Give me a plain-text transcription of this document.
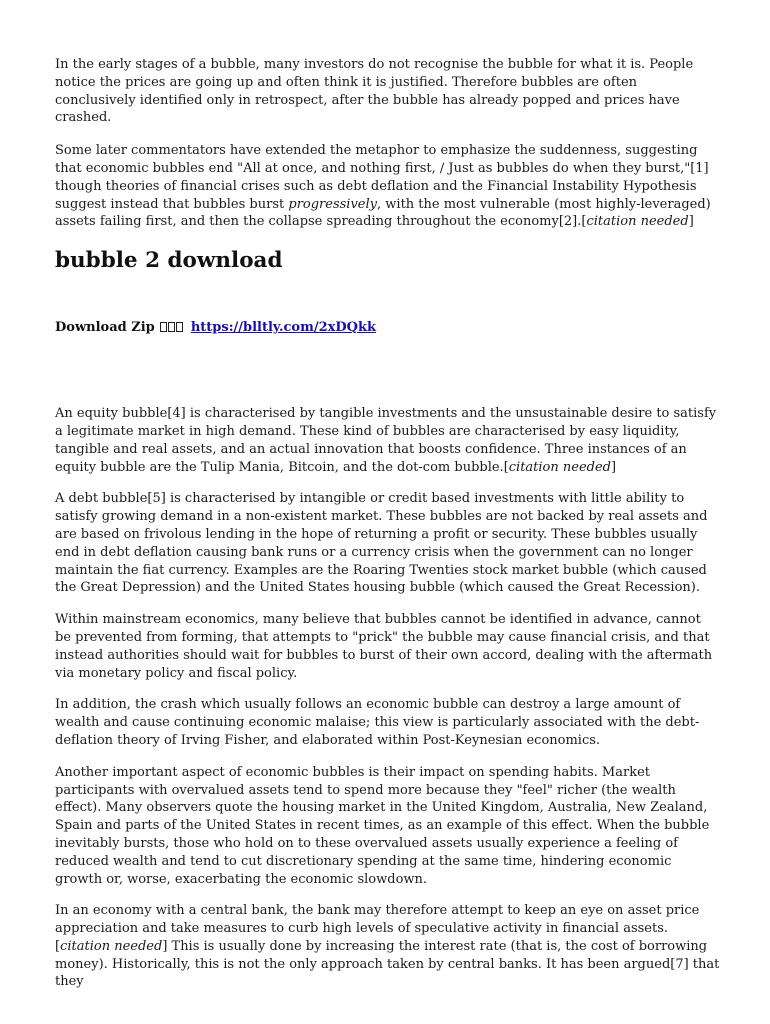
In the early stages of a bubble, many investors do not recognise the bubble for what it is. People notice the prices are going up and often think it is justified. Therefore bubbles are often conclusively identified only in retrospect, after the bubble has already popped and prices have crashed.

Some later commentators have extended the metaphor to emphasize the suddenness, suggesting that economic bubbles end "All at once, and nothing first, / Just as bubbles do when they burst,"[1] though theories of financial crises such as debt deflation and the Financial Instability Hypothesis suggest instead that bubbles burst progressively, with the most vulnerable (most highly-leveraged) assets failing first, and then the collapse spreading throughout the economy[2].[citation needed]

bubble 2 download
Download Zip	https://blltly.com/2xDQkk

An equity bubble[4] is characterised by tangible investments and the unsustainable desire to satisfy a legitimate market in high demand. These kind of bubbles are characterised by easy liquidity, tangible and real assets, and an actual innovation that boosts confidence. Three instances of an equity bubble are the Tulip Mania, Bitcoin, and the dot-com bubble.[citation needed]

A debt bubble[5] is characterised by intangible or credit based investments with little ability to satisfy growing demand in a non-existent market. These bubbles are not backed by real assets and are based on frivolous lending in the hope of returning a profit or security. These bubbles usually end in debt deflation causing bank runs or a currency crisis when the government can no longer maintain the fiat currency. Examples are the Roaring Twenties stock market bubble (which caused the Great Depression) and the United States housing bubble (which caused the Great Recession).

Within mainstream economics, many believe that bubbles cannot be identified in advance, cannot be prevented from forming, that attempts to "prick" the bubble may cause financial crisis, and that instead authorities should wait for bubbles to burst of their own accord, dealing with the aftermath via monetary policy and fiscal policy.

In addition, the crash which usually follows an economic bubble can destroy a large amount of wealth and cause continuing economic malaise; this view is particularly associated with the debt-deflation theory of Irving Fisher, and elaborated within Post-Keynesian economics.

Another important aspect of economic bubbles is their impact on spending habits. Market participants with overvalued assets tend to spend more because they "feel" richer (the wealth effect). Many observers quote the housing market in the United Kingdom, Australia, New Zealand, Spain and parts of the United States in recent times, as an example of this effect. When the bubble inevitably bursts, those who hold on to these overvalued assets usually experience a feeling of reduced wealth and tend to cut discretionary spending at the same time, hindering economic growth or, worse, exacerbating the economic slowdown.

In an economy with a central bank, the bank may therefore attempt to keep an eye on asset price appreciation and take measures to curb high levels of speculative activity in financial assets.[citation needed] This is usually done by increasing the interest rate (that is, the cost of borrowing money). Historically, this is not the only approach taken by central banks. It has been argued[7] that they
